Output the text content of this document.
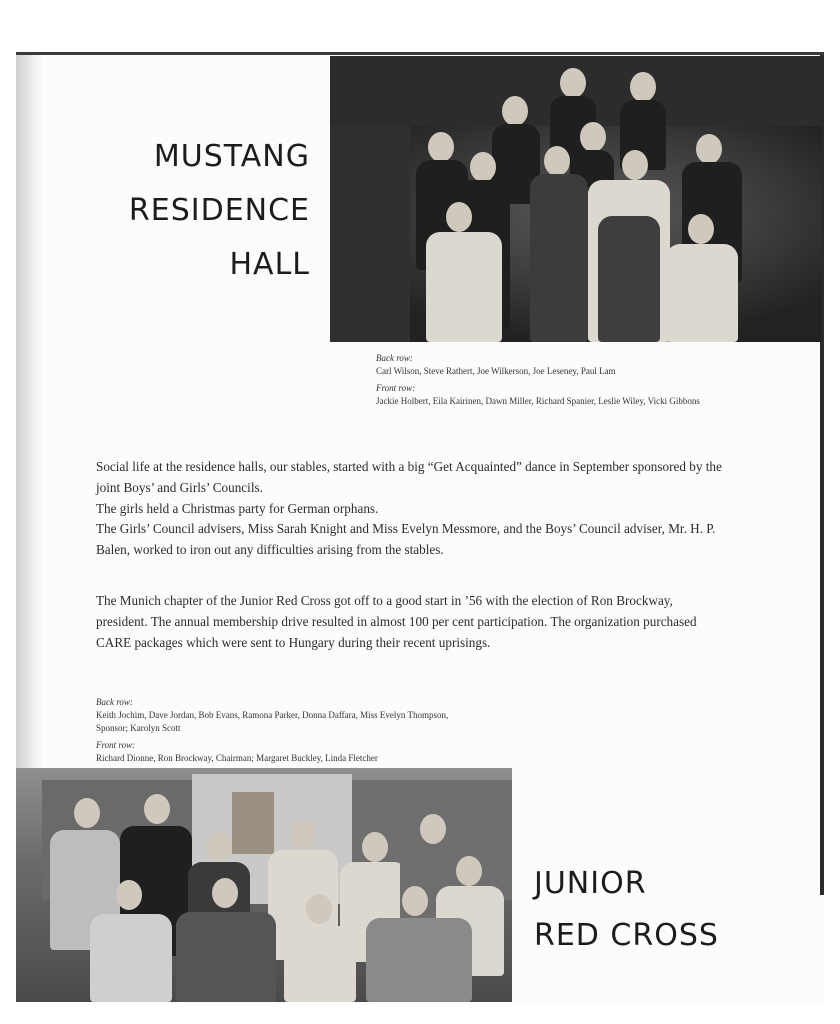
MUSTANG
RESIDENCE
HALL
Back row:
Carl Wilson, Steve Rathert, Joe Wilkerson, Joe Leseney, Paul Lam
Front row:
Jackie Holbert, Eila Kairinen, Dawn Miller, Richard Spanier, Leslie Wiley, Vicki Gibbons

Social life at the residence halls, our stables, started with a big “Get Acquainted” dance in September sponsored by the joint Boys’ and Girls’ Councils.

The girls held a Christmas party for German orphans.

The Girls’ Council advisers, Miss Sarah Knight and Miss Evelyn Messmore, and the Boys’ Council adviser, Mr. H. P. Balen, worked to iron out any difficulties arising from the stables.

The Munich chapter of the Junior Red Cross got off to a good start in ’56 with the election of Ron Brockway, president. The annual membership drive resulted in almost 100 per cent participation. The organization purchased CARE packages which were sent to Hungary during their recent uprisings.

Back row:
Keith Jochim, Dave Jordan, Bob Evans, Ramona Parker, Donna Daffara, Miss Evelyn Thompson, Sponsor; Karolyn Scott
Front row:
Richard Dionne, Ron Brockway, Chairman; Margaret Buckley, Linda Fletcher
JUNIOR
RED CROSS
